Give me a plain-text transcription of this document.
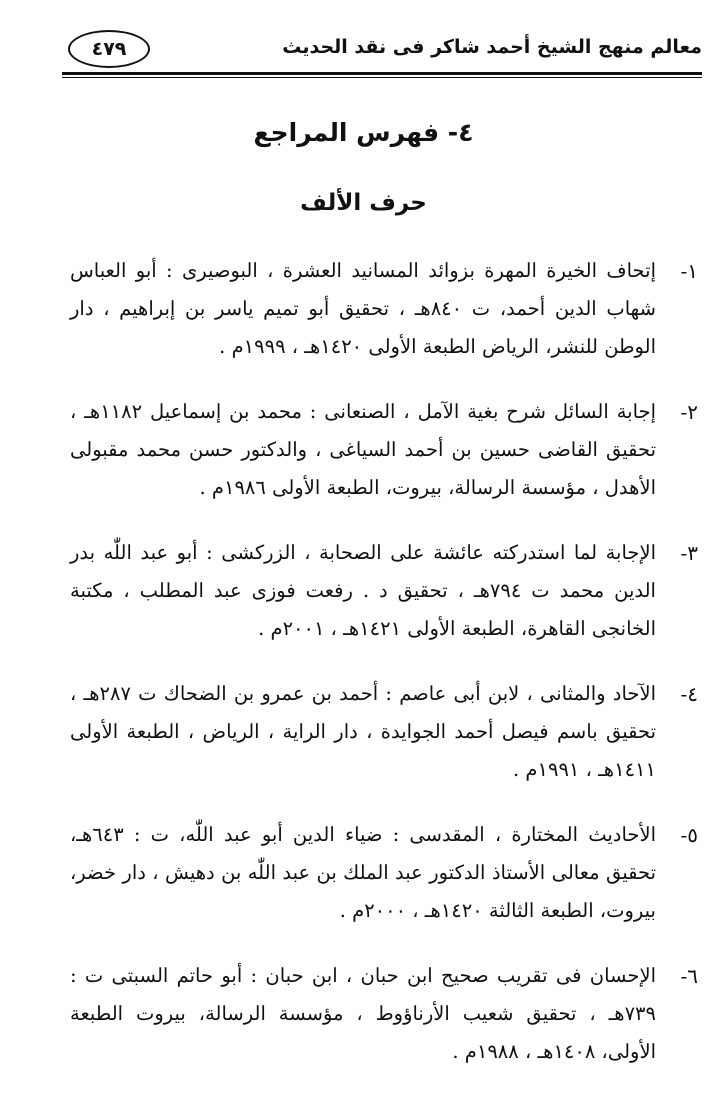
معالم منهج الشيخ أحمد شاكر فى نقد الحديث
٤٧٩
٤- فهرس المراجع
حرف الألف
١-
إتحاف الخيرة المهرة بزوائد المسانيد العشرة ، البوصيرى : أبو العباس شهاب الدين أحمد، ت ٨٤٠هـ ، تحقيق أبو تميم ياسر بن إبراهيم ، دار الوطن للنشر، الرياض الطبعة الأولى ١٤٢٠هـ ، ١٩٩٩م .
٢-
إجابة السائل شرح بغية الآمل ، الصنعانى : محمد بن إسماعيل ١١٨٢هـ ، تحقيق القاضى حسين بن أحمد السياغى ، والدكتور حسن محمد مقبولى الأهدل ، مؤسسة الرسالة، بيروت، الطبعة الأولى ١٩٨٦م .
٣-
الإجابة لما استدركته عائشة على الصحابة ، الزركشى : أبو عبد اللّٰه بدر الدين محمد ت ٧٩٤هـ ، تحقيق د . رفعت فوزى عبد المطلب ، مكتبة الخانجى القاهرة، الطبعة الأولى ١٤٢١هـ ، ٢٠٠١م .
٤-
الآحاد والمثانى ، لابن أبى عاصم : أحمد بن عمرو بن الضحاك ت ٢٨٧هـ ، تحقيق باسم فيصل أحمد الجوايدة ، دار الراية ، الرياض ، الطبعة الأولى ١٤١١هـ ، ١٩٩١م .
٥-
الأحاديث المختارة ، المقدسى : ضياء الدين أبو عبد اللّٰه، ت : ٦٤٣هـ، تحقيق معالى الأستاذ الدكتور عبد الملك بن عبد اللّٰه بن دهيش ، دار خضر، بيروت، الطبعة الثالثة ١٤٢٠هـ ، ٢٠٠٠م .
٦-
الإحسان فى تقريب صحيح ابن حبان ، ابن حبان : أبو حاتم السبتى ت : ٧٣٩هـ ، تحقيق شعيب الأرناؤوط ، مؤسسة الرسالة، بيروت الطبعة الأولى، ١٤٠٨هـ ، ١٩٨٨م .
